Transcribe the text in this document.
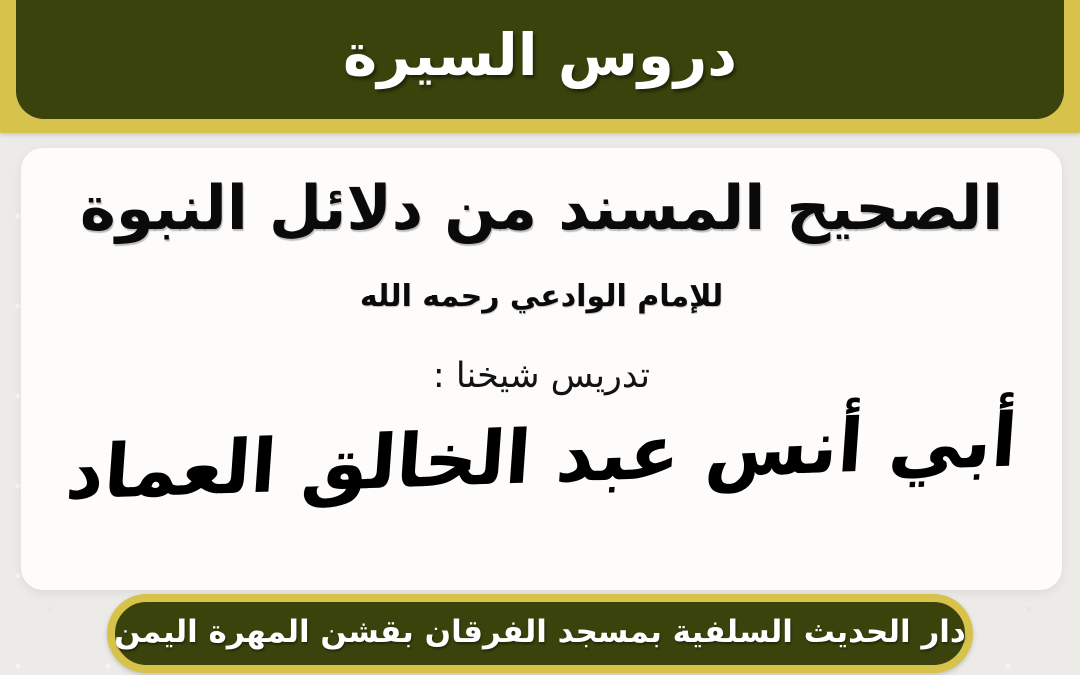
دروس السيرة
الصحيح المسند من دلائل النبوة
للإمام الوادعي رحمه الله
تدريس شيخنا :
أبي أنس عبد الخالق العماد
دار الحديث السلفية بمسجد الفرقان بقشن المهرة اليمن
